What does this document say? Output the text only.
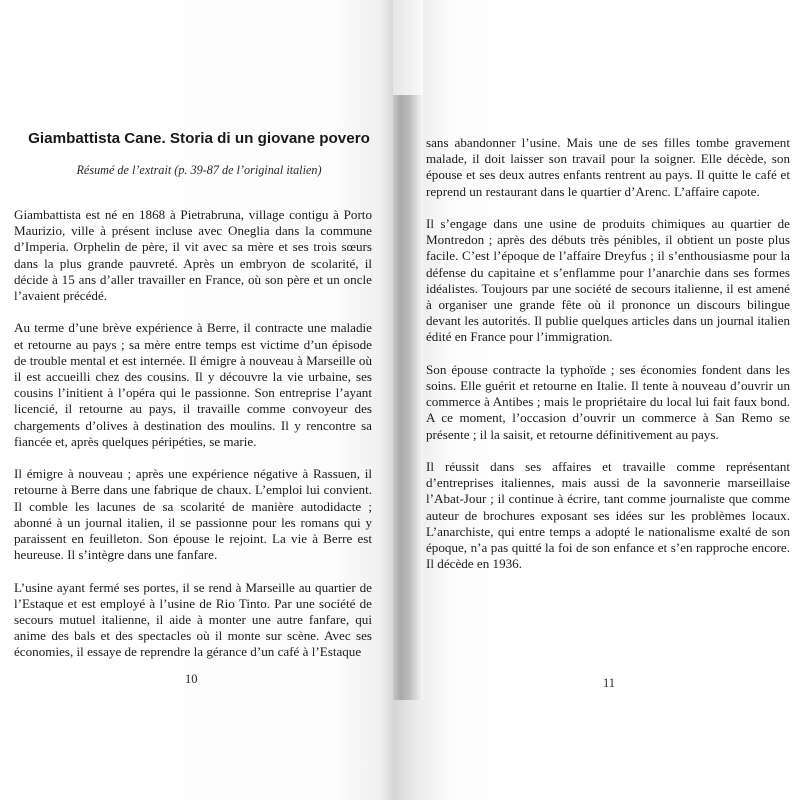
Giambattista Cane. Storia di un giovane povero
Résumé de l’extrait (p. 39-87 de l’original italien)

Giambattista est né en 1868 à Pietrabruna, village contigu à Porto Maurizio, ville à présent incluse avec Oneglia dans la commune d’Imperia. Orphelin de père, il vit avec sa mère et ses trois sœurs dans la plus grande pauvreté. Après un embryon de scolarité, il décide à 15 ans d’aller travailler en France, où son père et un oncle l’avaient précédé.

Au terme d’une brève expérience à Berre, il contracte une maladie et retourne au pays ; sa mère entre temps est victime d’un épisode de trouble mental et est internée. Il émigre à nouveau à Marseille où il est accueilli chez des cousins. Il y découvre la vie urbaine, ses cousins l’initient à l’opéra qui le passionne. Son entreprise l’ayant licencié, il retourne au pays, il travaille comme convoyeur des chargements d’olives à destination des moulins. Il y rencontre sa fiancée et, après quelques péripéties, se marie.

Il émigre à nouveau ; après une expérience négative à Rassuen, il retourne à Berre dans une fabrique de chaux. L’emploi lui convient. Il comble les lacunes de sa scolarité de manière autodidacte ; abonné à un journal italien, il se passionne pour les romans qui y paraissent en feuilleton. Son épouse le rejoint. La vie à Berre est heureuse. Il s’intègre dans une fanfare.

L’usine ayant fermé ses portes, il se rend à Marseille au quartier de l’Estaque et est employé à l’usine de Rio Tinto. Par une société de secours mutuel italienne, il aide à monter une autre fanfare, qui anime des bals et des spectacles où il monte sur scène. Avec ses économies, il essaye de reprendre la gérance d’un café à l’Estaque

10

sans abandonner l’usine. Mais une de ses filles tombe gravement malade, il doit laisser son travail pour la soigner. Elle décède, son épouse et ses deux autres enfants rentrent au pays. Il quitte le café et reprend un restaurant dans le quartier d’Arenc. L’affaire capote.

Il s’engage dans une usine de produits chimiques au quartier de Montredon ; après des débuts très pénibles, il obtient un poste plus facile. C’est l’époque de l’affaire Dreyfus ; il s’enthousiasme pour la défense du capitaine et s’enflamme pour l’anarchie dans ses formes idéalistes. Toujours par une société de secours italienne, il est amené à organiser une grande fête où il prononce un discours bilingue devant les autorités. Il publie quelques articles dans un journal italien édité en France pour l’immigration.

Son épouse contracte la typhoïde ; ses économies fondent dans les soins. Elle guérit et retourne en Italie. Il tente à nouveau d’ouvrir un commerce à Antibes ; mais le propriétaire du local lui fait faux bond. A ce moment, l’occasion d’ouvrir un commerce à San Remo se présente ; il la saisit, et retourne définitivement au pays.

Il réussit dans ses affaires et travaille comme représentant d’entreprises italiennes, mais aussi de la savonnerie marseillaise l’Abat-Jour ; il continue à écrire, tant comme journaliste que comme auteur de brochures exposant ses idées sur les problèmes locaux. L’anarchiste, qui entre temps a adopté le nationalisme exalté de son époque, n’a pas quitté la foi de son enfance et s’en rapproche encore. Il décède en 1936.

11
